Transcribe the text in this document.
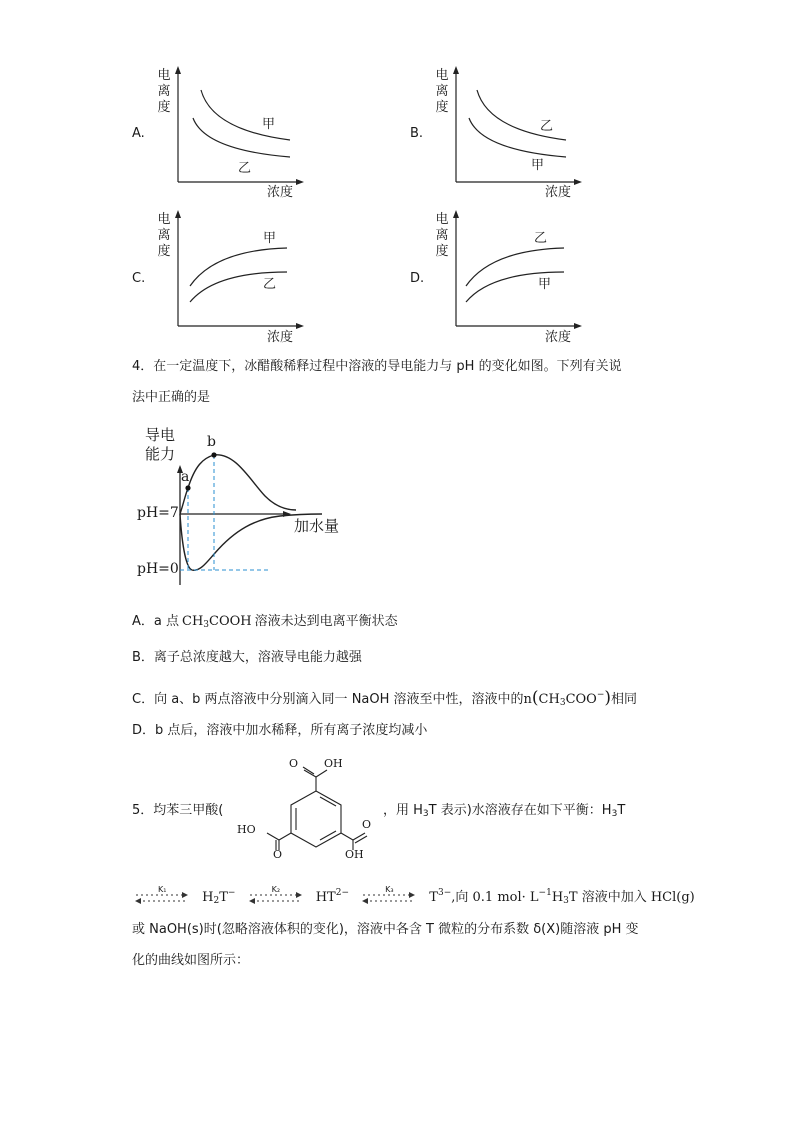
A.
电
离
度
甲
乙
浓度
B.
电
离
度
乙
甲
浓度
C.
电
离
度
甲
乙
浓度
D.
电
离
度
乙
甲
浓度
4．在一定温度下，冰醋酸稀释过程中溶液的导电能力与 pH 的变化如图。下列有关说
法中正确的是
导电
能力
pH=7
pH=0
加水量
a
b
A．a 点 $CH_3COOH$ 溶液未达到电离平衡状态
B．离子总浓度越大，溶液导电能力越强
C．向 a、b 两点溶液中分别滴入同一 NaOH 溶液至中性，溶液中的$n(CH_3COO^-)$相同
D．b 点后，溶液中加水稀释，所有离子浓度均减小
5．均苯三甲酸(
O OH
HO
O
O
OH
，用 $H_3T$ 表示)水溶液存在如下平衡：$H_3T$
K₁
$H_2T^-$	K₂
$HT^{2-}$	K₃
$T^{3-}$,向 0.1 $mol\cdot L^{-1}H_3T$ 溶液中加入 HCl(g)
或 NaOH(s)时(忽略溶液体积的变化)，溶液中各含 T 微粒的分布系数 δ(X)随溶液 pH 变
化的曲线如图所示：
